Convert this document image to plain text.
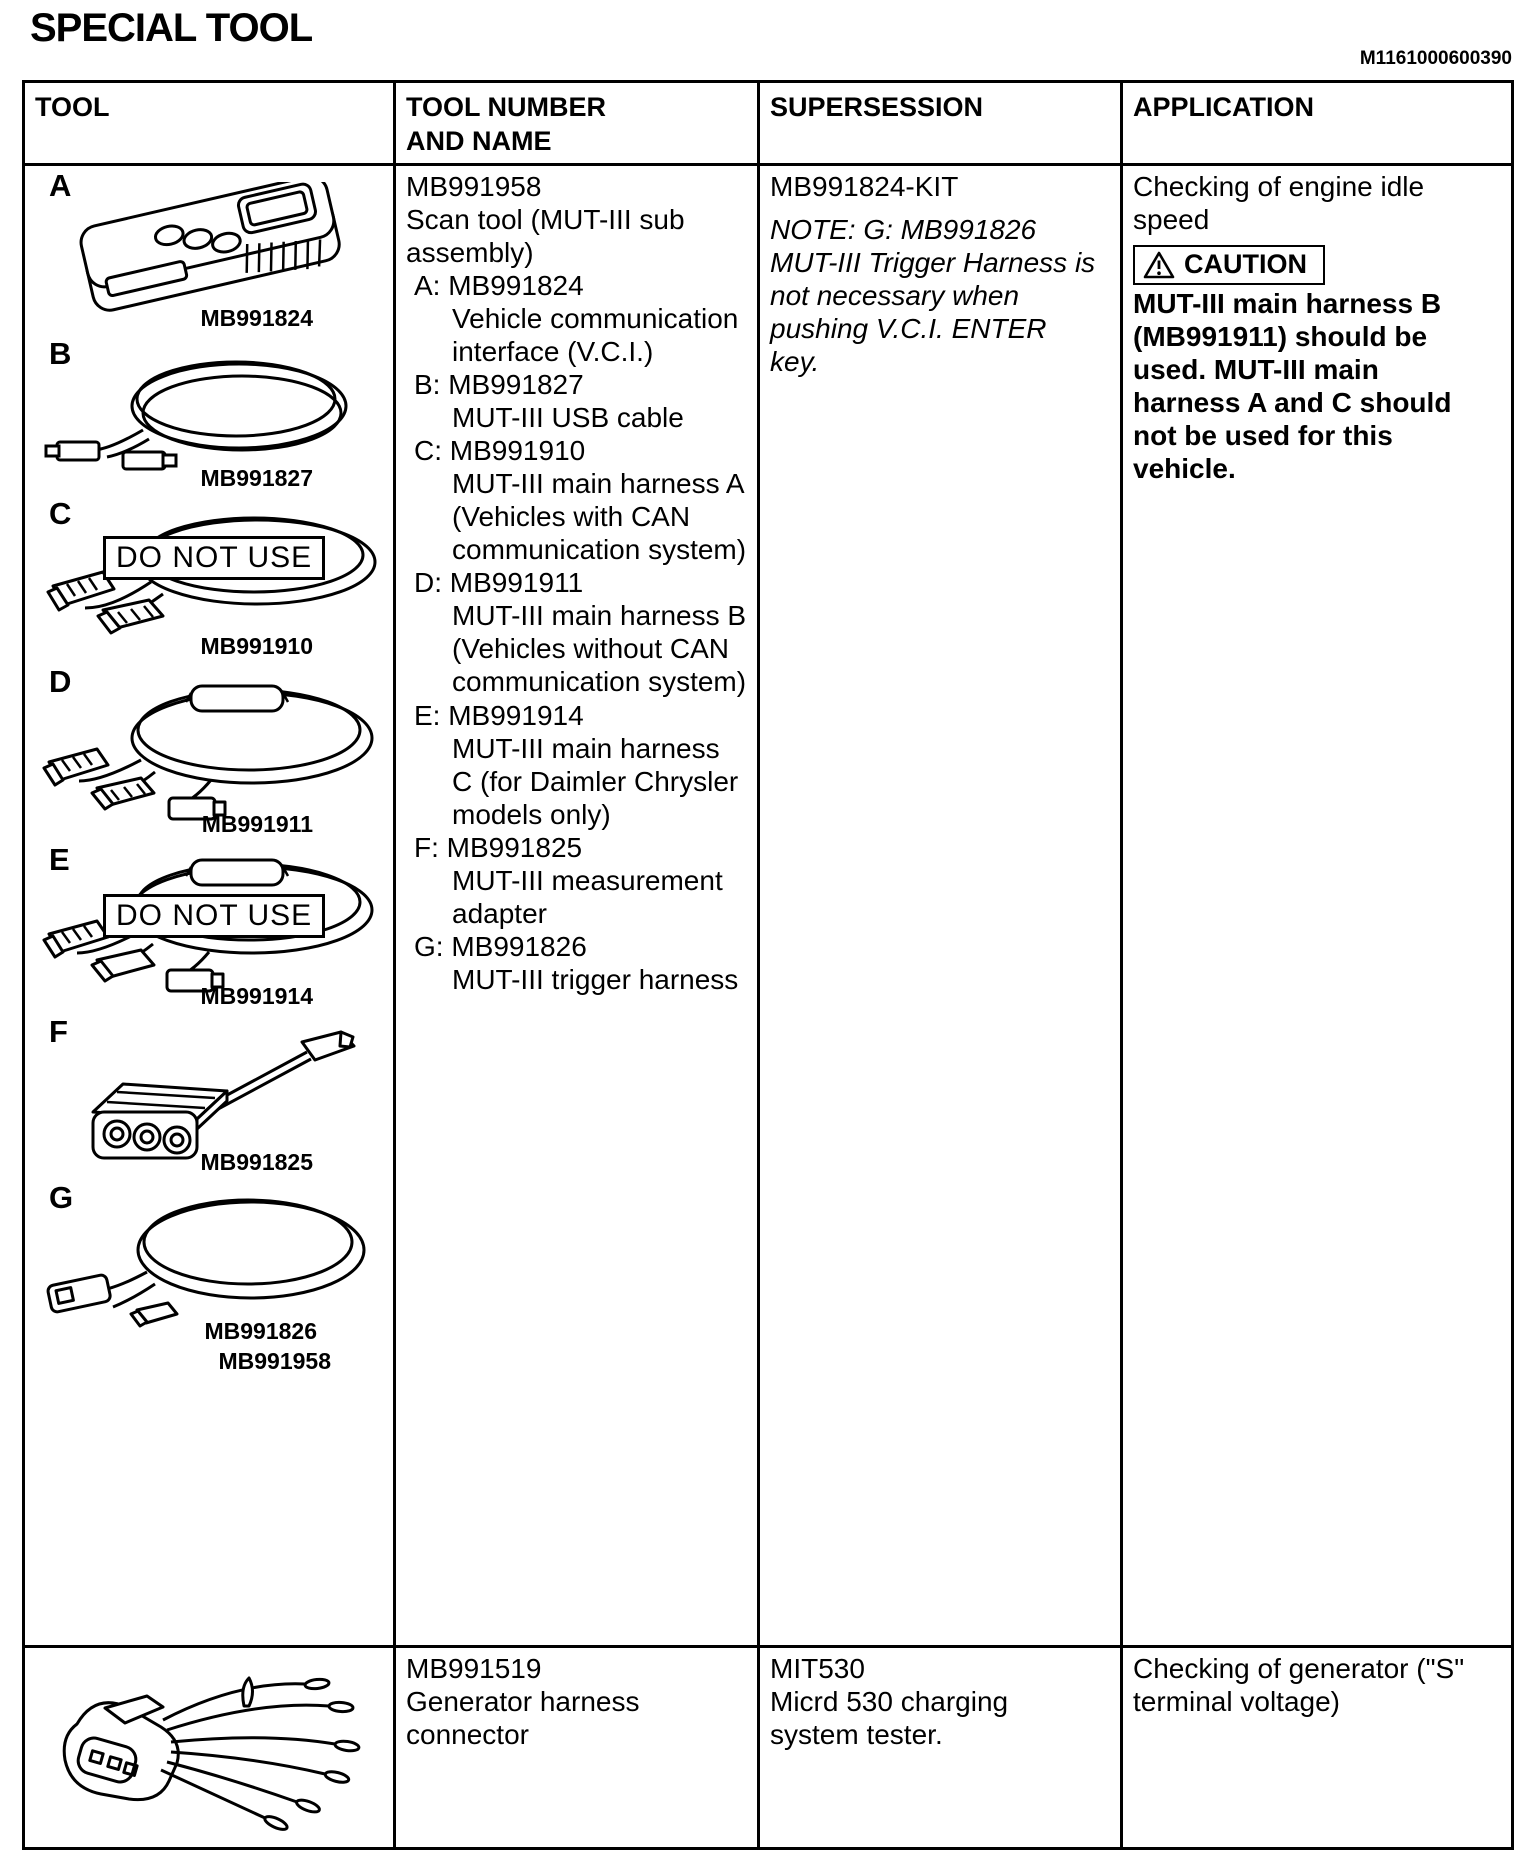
SPECIAL TOOL
M1161000600390
TOOL	TOOL NUMBER AND NAME
SUPERSESSION	APPLICATION
A
MB991824
B
MB991827
C
DO NOT USE
MB991910
D
MB991911
E
DO NOT USE
MB991914
F
MB991825
G
MB991826
MB991958
MB991958
Scan tool (MUT-III sub assembly)
A: MB991824
Vehicle communication interface (V.C.I.)
B: MB991827
MUT-III USB cable
C: MB991910
MUT-III main harness A (Vehicles with CAN communication system)
D: MB991911
MUT-III main harness B (Vehicles without CAN communication system)
E: MB991914
MUT-III main harness C (for Daimler Chrysler models only)
F: MB991825
MUT-III measurement adapter
G: MB991826
MUT-III trigger harness
MB991824-KIT
NOTE: G: MB991826 MUT-III Trigger Harness is not necessary when pushing V.C.I. ENTER key.
Checking of engine idle speed
CAUTION
MUT-III main harness B (MB991911) should be used. MUT-III main harness A and C should not be used for this vehicle.
MB991519
Generator harness connector
MIT530
Micrd 530 charging system tester.
Checking of generator ("S" terminal voltage)
